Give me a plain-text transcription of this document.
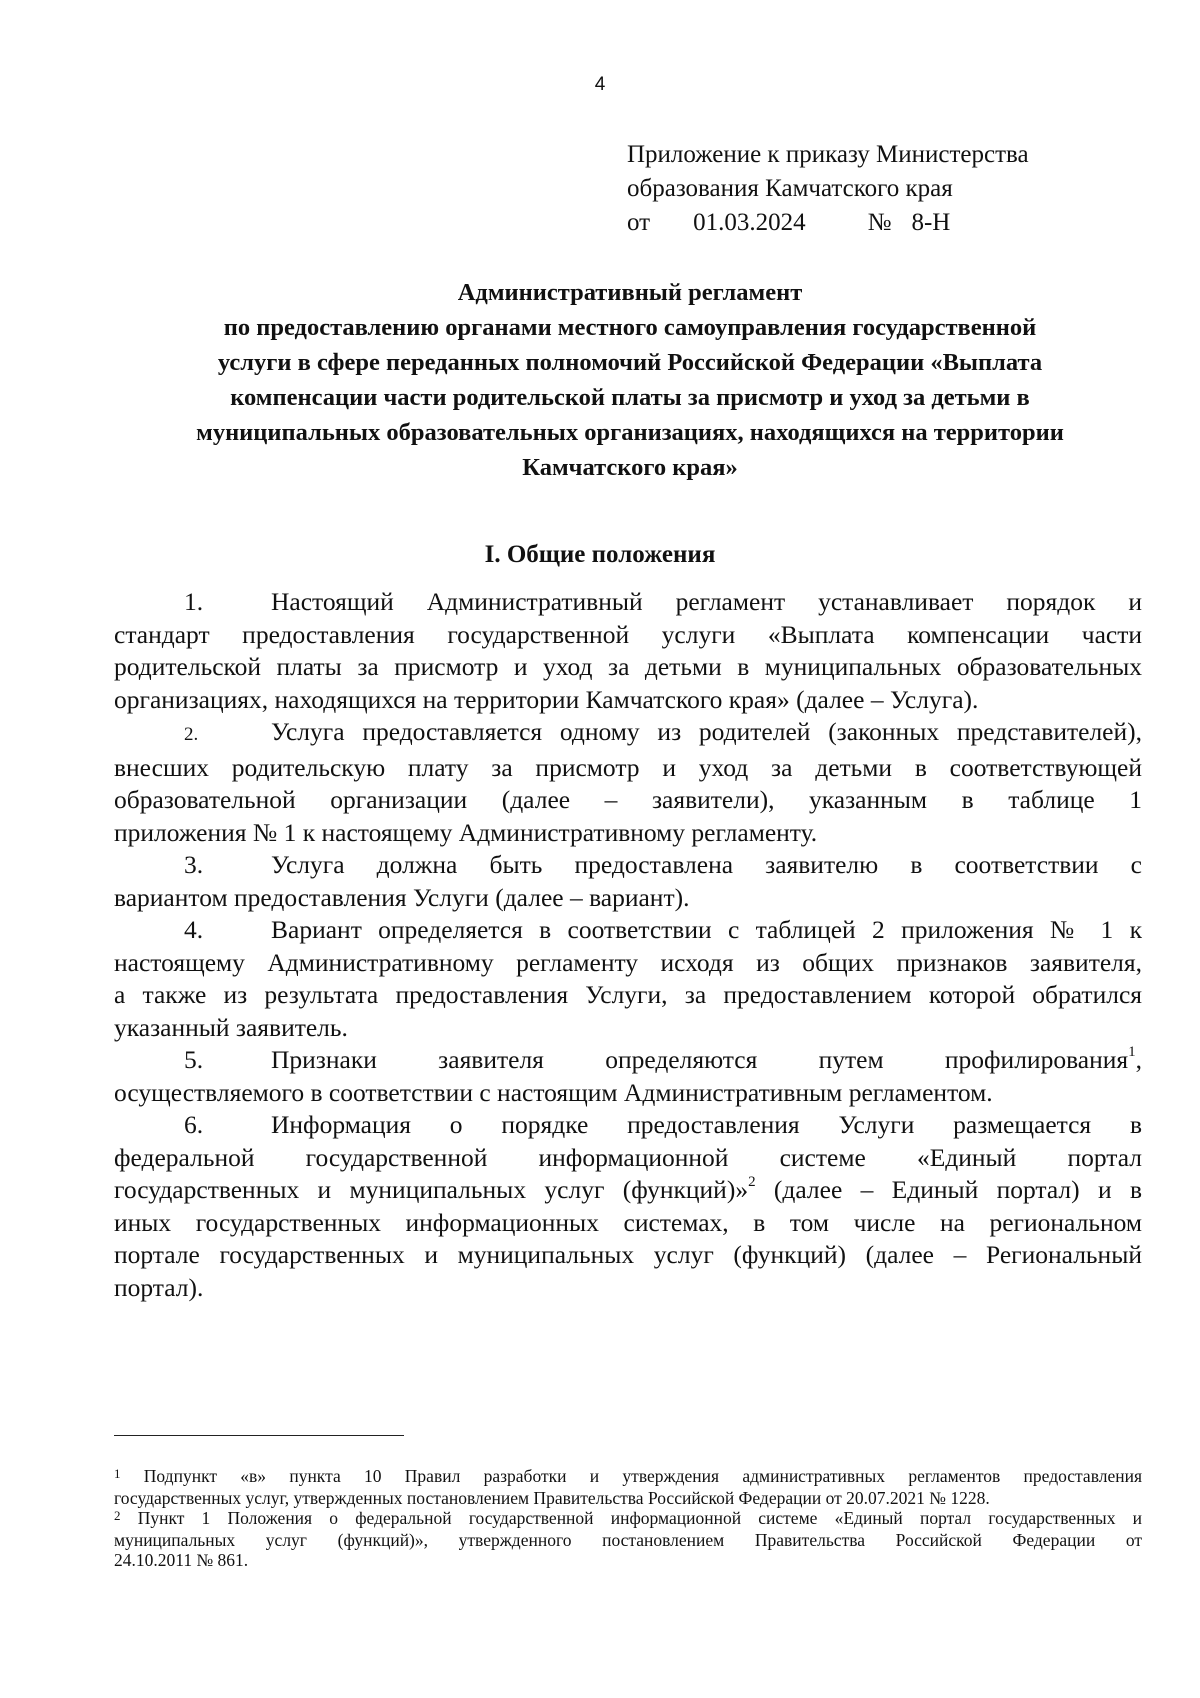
4
Приложение к приказу Министерства
образования Камчатского края
от 01.03.2024 № 8-Н
Административный регламент
по предоставлению органами местного самоуправления государственной
услуги в сфере переданных полномочий Российской Федерации «Выплата
компенсации части родительской платы за присмотр и уход за детьми в
муниципальных образовательных организациях, находящихся на территории
Камчатского края»
I. Общие положения
1.	Настоящий Административный регламент устанавливает порядок и
стандарт предоставления государственной услуги «Выплата компенсации части
родительской платы за присмотр и уход за детьми в муниципальных образовательных
организациях, находящихся на территории Камчатского края» (далее – Услуга).
2.	Услуга предоставляется одному из родителей (законных представителей),
внесших родительскую плату за присмотр и уход за детьми в соответствующей
образовательной организации (далее – заявители), указанным в таблице 1
приложения № 1 к настоящему Административному регламенту.
3.	Услуга должна быть предоставлена заявителю в соответствии с
вариантом предоставления Услуги (далее – вариант).
4.	Вариант определяется в соответствии с таблицей 2 приложения № 1 к
настоящему Административному регламенту исходя из общих признаков заявителя,
а также из результата предоставления Услуги, за предоставлением которой обратился
указанный заявитель.
5.	Признаки заявителя определяются путем профилирования$^1$,
осуществляемого в соответствии с настоящим Административным регламентом.
6.	Информация о порядке предоставления Услуги размещается в
федеральной государственной информационной системе «Единый портал
государственных и муниципальных услуг (функций)»$^2$ (далее – Единый портал) и в
иных государственных информационных системах, в том числе на региональном
портале государственных и муниципальных услуг (функций) (далее – Региональный
портал).
$^1$ Подпункт «в» пункта 10 Правил разработки и утверждения административных регламентов предоставления
государственных услуг, утвержденных постановлением Правительства Российской Федерации от 20.07.2021 № 1228.
$^2$ Пункт 1 Положения о федеральной государственной информационной системе «Единый портал государственных и
муниципальных услуг (функций)», утвержденного постановлением Правительства Российской Федерации от
24.10.2011 № 861.
